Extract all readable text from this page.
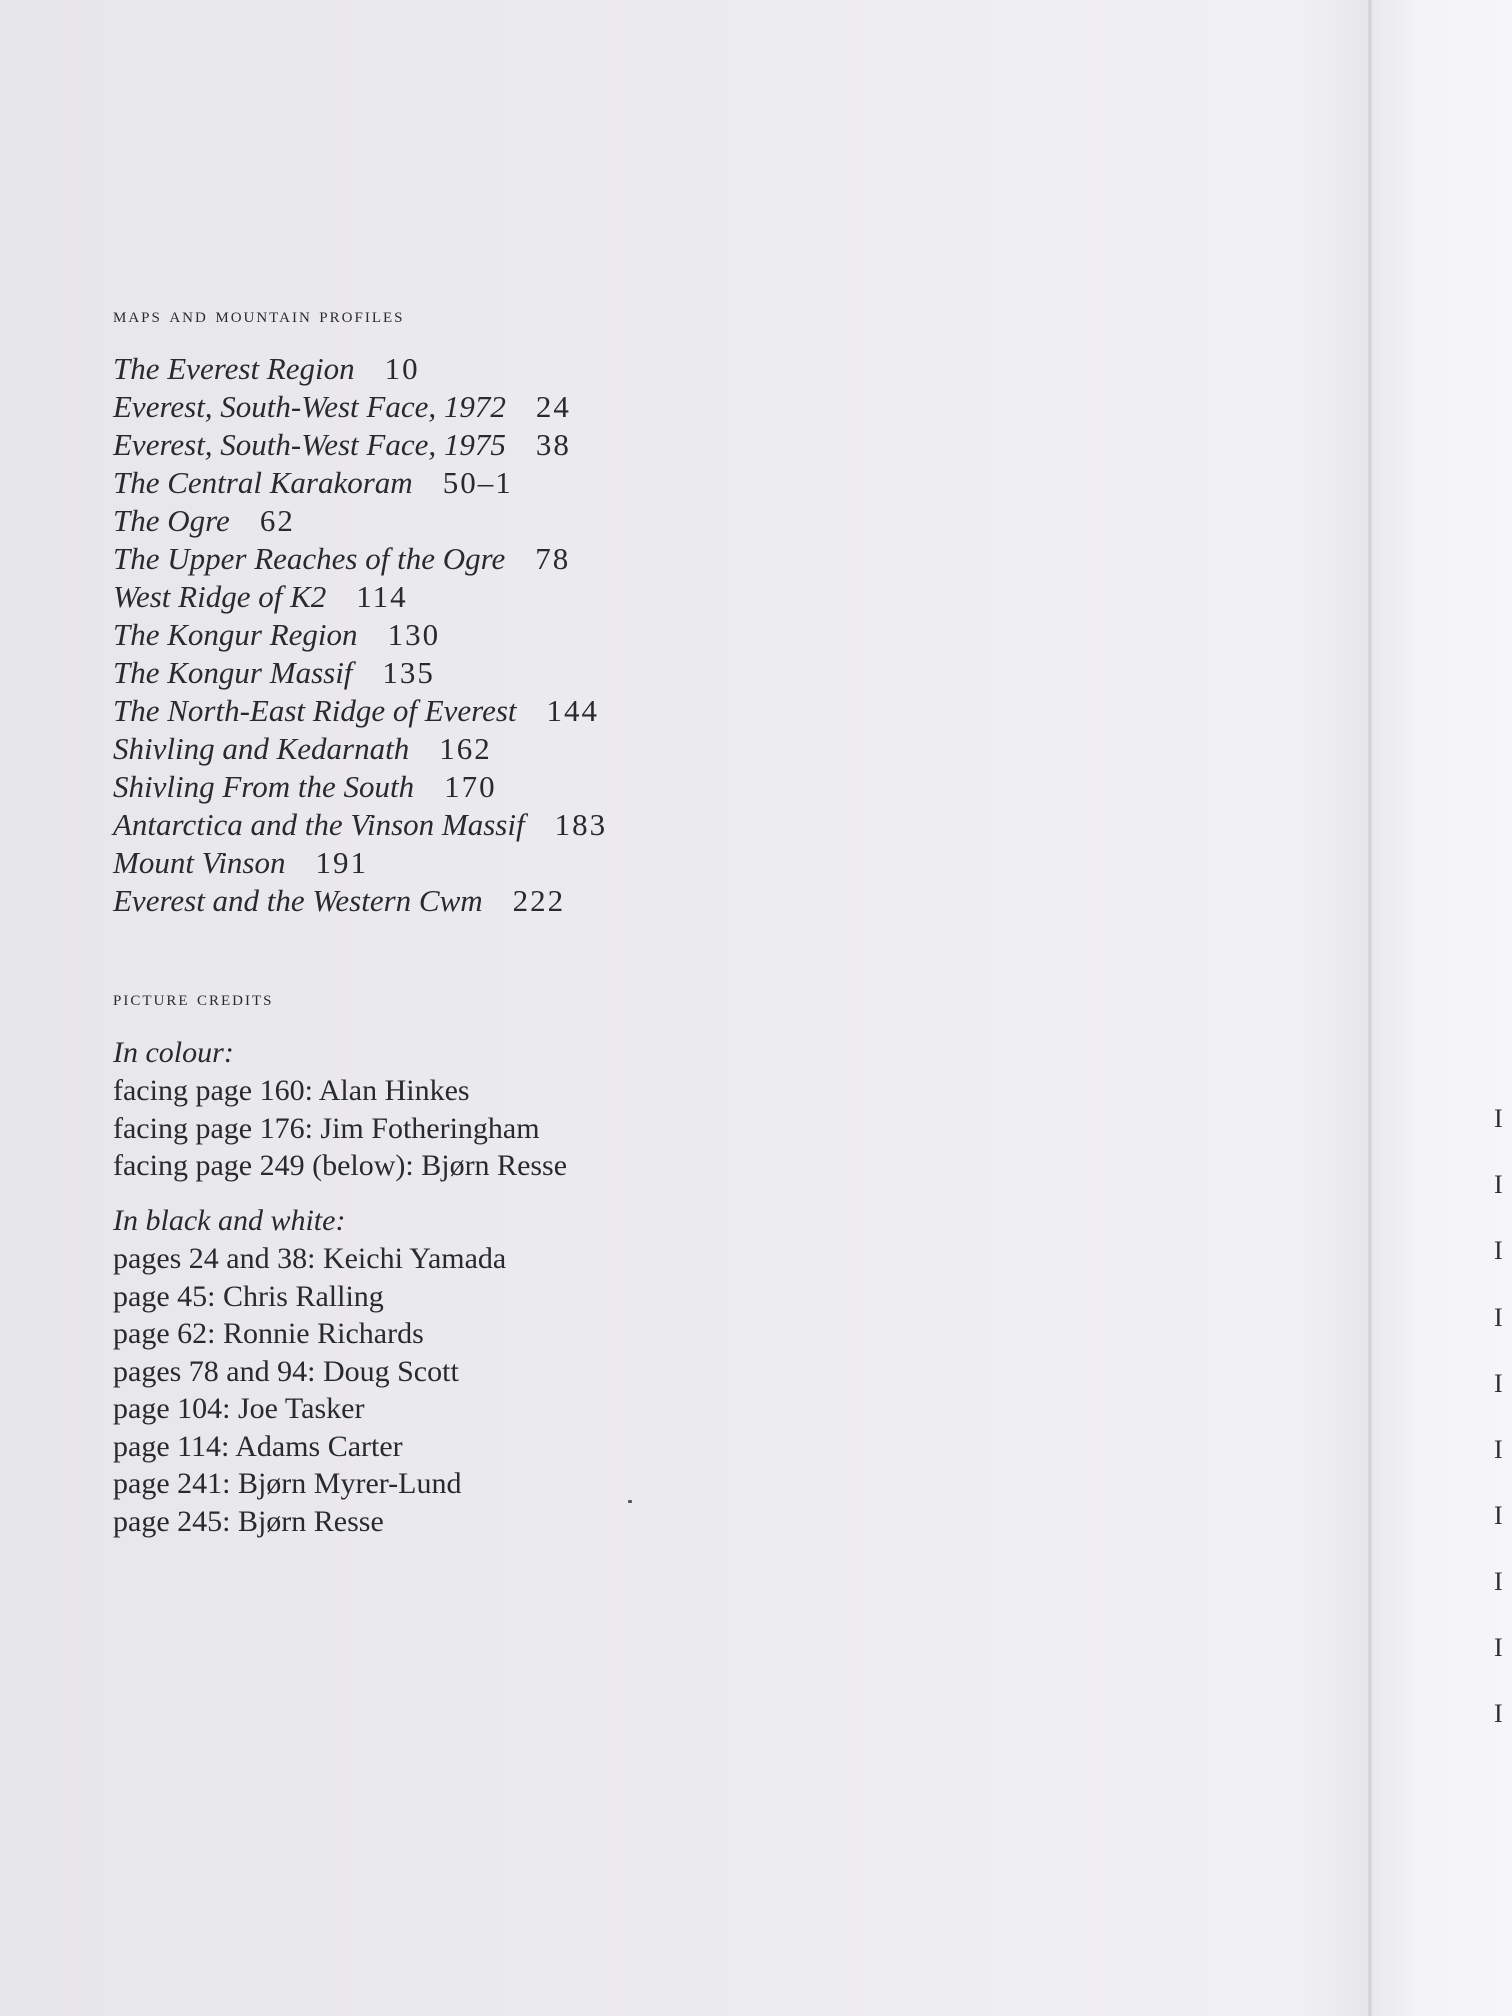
maps and mountain profiles
The Everest Region 10
Everest, South-West Face, 1972 24
Everest, South-West Face, 1975 38
The Central Karakoram 50–1
The Ogre 62
The Upper Reaches of the Ogre 78
West Ridge of K2 114
The Kongur Region 130
The Kongur Massif 135
The North-East Ridge of Everest 144
Shivling and Kedarnath 162
Shivling From the South 170
Antarctica and the Vinson Massif 183
Mount Vinson 191
Everest and the Western Cwm 222
picture credits
In colour:
facing page 160: Alan Hinkes
facing page 176: Jim Fotheringham
facing page 249 (below): Bjørn Resse
In black and white:
pages 24 and 38: Keichi Yamada
page 45: Chris Ralling
page 62: Ronnie Richards
pages 78 and 94: Doug Scott
page 104: Joe Tasker
page 114: Adams Carter
page 241: Bjørn Myrer-Lund
page 245: Bjørn Resse
I
I
I
I
I
I
I
I
I
I
